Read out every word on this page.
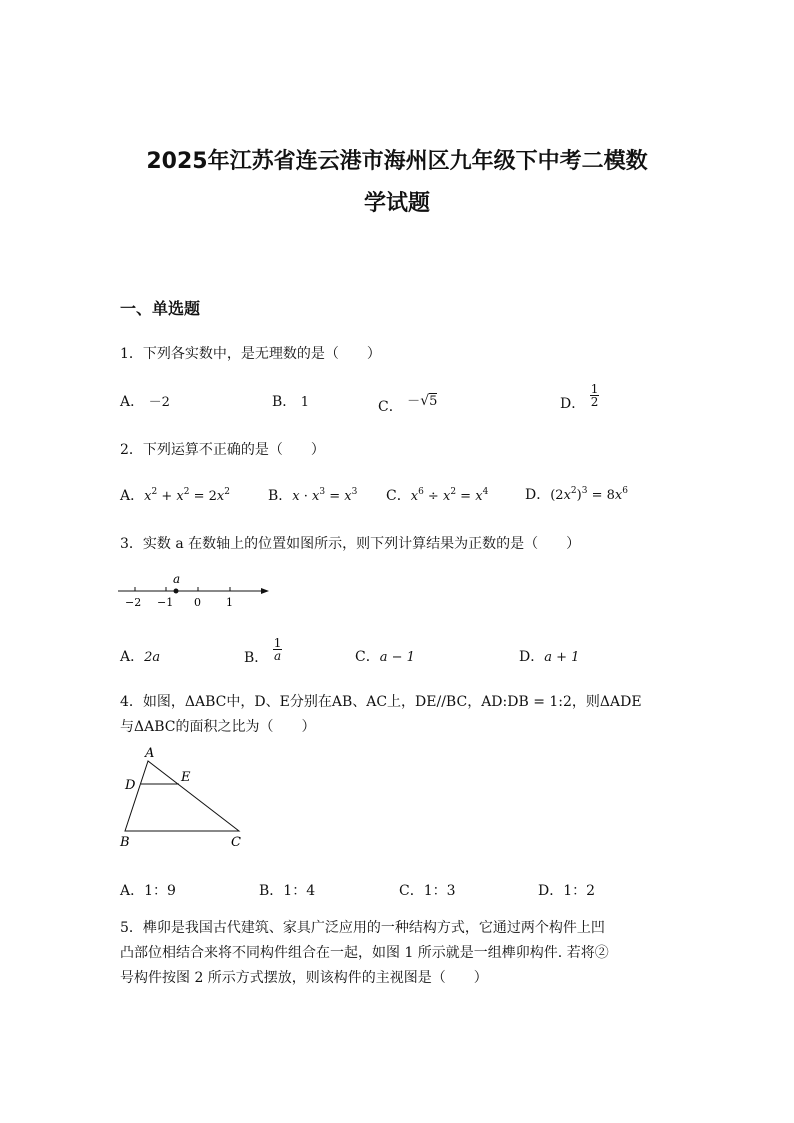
2025年江苏省连云港市海州区九年级下中考二模数
学试题
一、单选题
1．下列各实数中，是无理数的是（　　）
A． －2	B． 1	C． －√5	D． $\frac{1}{2}$
2．下列运算不正确的是（　　）
A．$x^2 + x^2 = 2x^2$	B．$x \cdot x^3 = x^3$ C．$x^6 \div x^2 = x^4$	D．$(2x^2)^3 = 8x^6$
3．实数 a 在数轴上的位置如图所示，则下列计算结果为正数的是（　　）
a
−2 −1 0 1
A．2a	B． $\frac{1}{a}$	C．a − 1	D．a + 1
4．如图，ΔABC中，D、E分别在AB、AC上，DE//BC，AD:DB = 1:2，则ΔADE
与ΔABC的面积之比为（　　）
A
D
E
B	C
A．1：9	B．1：4	C．1：3	D．1：2
5．榫卯是我国古代建筑、家具广泛应用的一种结构方式，它通过两个构件上凹
凸部位相结合来将不同构件组合在一起，如图 1 所示就是一组榫卯构件. 若将②
号构件按图 2 所示方式摆放，则该构件的主视图是（　　）
